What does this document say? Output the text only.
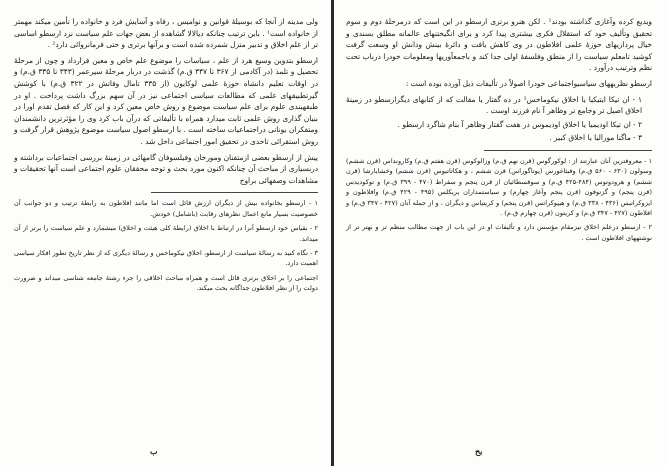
ولی مدینه از آنجا که بوسیلهٔ قوانین و نوامیس ، رفاه و آسایش فرد و خانواده را تأمین میکند مهمتر از خانواده است¹ . باین ترتیب چنانکه دیالالا گشاهده از بعض جهات علم سیاست نزد ارسطو اساسی تر از علم اخلاق و تدبیر منزل شمرده شده است و برآنها برتری و حتی فرمانروائی دارد² .

ارسطو بتدوین وسیع هرد از علم ، سیاسات را موضوع علم خاص و معین قرارداد و چون از مرحلهٔ تحصیل و تلمذ (در آکادمی از ۳۶۷ تا ۳۴۷ ق.م) گذشت در دربار مرحلهٔ سپرعمر (۳۴۳ تا ۳۳۵ ق.م) و در اوقات تعلیم دانشاه حوزهٔ علمی لوکایون (از ۳۳۵ تامال وفاتش در ۳۲۲ ق.م) با کوشش گیرتطبیقهای علمی که مطالعات سیاسی اجتماعی نیز در آن سهم بزرگ داشت پرداخت . او در طبقهبندی علوم برای علم سیاست موضوع و روش خاص معین کرد و این کار که فصل تقدم اورا در بنیان گذاری روش علمی ثابت میدارد همراه با تألیفاتی که درآن باب کرد وی را مؤثرترین دانشمندان ومتفکران یونانی دراجتماعیات ساخته است . با ارسطو اصول سیاست موضوع پژوهش قرار گرفت و روش استقرائی تاحدی در تحقیق امور اجتماعی داخل شد .

پیش از ارسطو بعضی ازمتفنان ومورخان وفیلسوفان گامهائی در زمینهٔ بررسی اجتماعیات برداشته و دربسیاری از مباحث آن چنانکه اکنون مورد بحث و توجه محققان علوم اجتماعی است آنها تحقیقات و مشاهدات وصفهائی براوج

۱ - ارسطو بخانواده بیش از دیگران ارزش قائل است اما مانند افلاطون به رابطهٔ ترتیب و دو جوانب آن خصوصیت بسیار مانع اعمال نظرهای رقابت (باشامل) خودش.

۲ - بقیاس خود ارسطو آنرا در ارتباط با اخلاق (رابطهٔ کلی هیئت و اخلاق) میشمارد و علم سیاست را برتر از آن میداند.

۳ - نگاه کنید به رسالهٔ سیاست از ارسطو، اخلاق نیکوماخس و رسالهٔ دیگری که از نظر تاریخ تطور افکار سیاسی اهمیت دارد.

اجتماعی را بر اخلاق برتری قائل است و همراه مباحث اخلاقی را جزء رشتهٔ جامعه شناسی میداند و ضرورت دولت را از نظر افلاطون جداگانه بحث میکند.

ب

ویدیع کرده وآغازی گذاشته بودند¹ . لکن هنرو برتری ارسطو در این است که درمرحلهٔ دوم و سوم تحقیق وتألیف خود که استقلال فکری بیشتری پیدا کرد و برای انگیختنهای عالمانه مطلق بسندی و خیال پردازیهای حوزهٔ علمی افلاطون در وی کاهش یافت و دائرهٔ بینش ودانش او وسعت گرفت کوشید تامعلم سیاست را از منطق وفلسفهٔ اولی جدا کند و باجمعآوریها ومعلومات خودرا درباب تحت نظم وترتیب درآورد .

ارسطو نظریههای سیاسیواجتماعی خودرا اصولاً در تألیفات ذیل آورده بوده است :

۱ - ان تیکا ایتیکیا یا اخلاق نیکوماخس² در ده گفتار یا مقالت که از کتابهای دیگرارسطو در زمینهٔ اخلاق اصیل تر وجامع تر وظاهر آ نام فرزند اوست .
۲ - ان تیکا اودیمیا یا اخلاق اودیموس در هفت گفتار وظاهر آ بنام شاگرد ارسطو .
۳ - ماگنا موراليا یا اخلاق کبیر .

۱ - معروفترین آنان عبارتند از : لوکورگوس (قرن نهم ق.م) وزالوکوس (قرن هفتم ق.م) وکارونداس (قرن ششم) وسولون (۶۳۰ - ۵۶۰ ق.م) وفیثاغورس (پوتاگوراس) قرن ششم ، و هکاتاتیوس (قرن ششم) وخشایارشا (قرن ششم) و هرودوتوس (۴۸۴-۴۲۵ ق.م) و سوفسطائیان از قرن پنجم و سقراط (۴۷۰ - ۳۹۹ ق.م) و توکودیدس (قرن پنجم) و گزنوفون (قرن پنجم وآغاز چهارم) و سیاستمداران پریکلس (۴۹۵ - ۴۲۹ ق.م) وافلاطون و ایزوکراتیس (۴۳۶ - ۳۳۸ ق.م) و هیپوکراتس (قرن پنجم) و کریتیاس و دیگران ، و از جمله آنان (۴۲۷ - ۳۴۷ ق.م) و افلاطون (۴۲۷ - ۳۴۷ ق.م) و کریتون (قرن چهارم ق.م) .

۲ - ارسطو درعلم اخلاق نیزمقام مؤسس دارد و تألیفات او در این باب از جهت مطالب منظم تر و بهتر تر از نوشتههای افلاطون است .

بح
